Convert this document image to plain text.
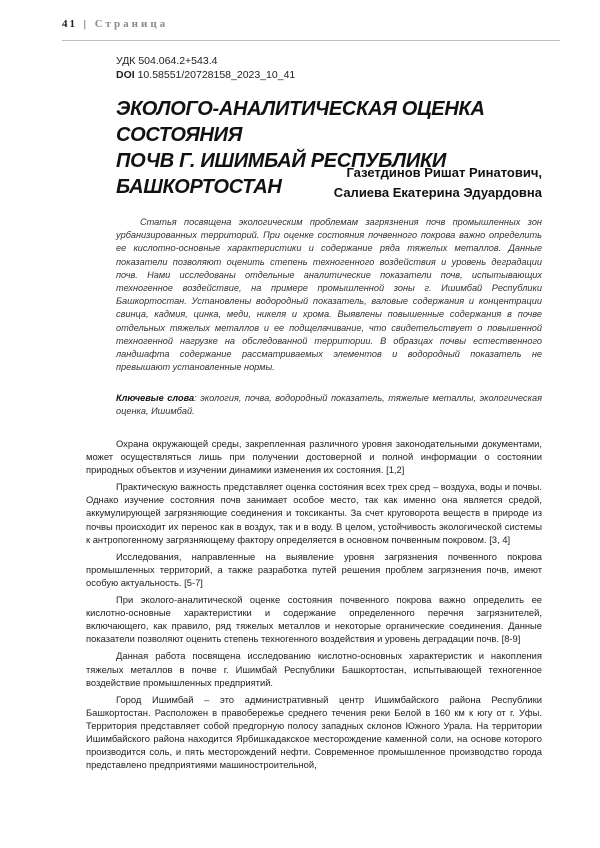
41 | Страница
УДК 504.064.2+543.4
DOI 10.58551/20728158_2023_10_41
ЭКОЛОГО-АНАЛИТИЧЕСКАЯ ОЦЕНКА СОСТОЯНИЯ
ПОЧВ Г. ИШИМБАЙ РЕСПУБЛИКИ БАШКОРТОСТАН
Газетдинов Ришат Ринатович,
Салиева Екатерина Эдуардовна
Статья посвящена экологическим проблемам загрязнения почв промышленных зон урбанизированных территорий. При оценке состояния почвенного покрова важно определить ее кислотно-основные характеристики и содержание ряда тяжелых металлов. Данные показатели позволяют оценить степень техногенного воздействия и уровень деградации почв. Нами исследованы отдельные аналитические показатели почв, испытывающих техногенное воздействие, на примере промышленной зоны г. Ишимбай Республики Башкортостан. Установлены водородный показатель, валовые содержания и концентрации свинца, кадмия, цинка, меди, никеля и хрома. Выявлены повышенные содержания в почве отдельных тяжелых металлов и ее подщелачивание, что свидетельствует о повышенной техногенной нагрузке на обследованной территории. В образцах почвы естественного ландшафта содержание рассматриваемых элементов и водородный показатель не превышают установленные нормы.
Ключевые слова: экология, почва, водородный показатель, тяжелые металлы, экологическая оценка, Ишимбай.

Охрана окружающей среды, закрепленная различного уровня законодательными документами, может осуществляться лишь при получении достоверной и полной информации о состоянии природных объектов и изучении динамики изменения их состояния. [1,2]

Практическую важность представляет оценка состояния всех трех сред – воздуха, воды и почвы. Однако изучение состояния почв занимает особое место, так как именно она является средой, аккумулирующей загрязняющие соединения и токсиканты. За счет круговорота веществ в природе из почвы происходит их перенос как в воздух, так и в воду. В целом, устойчивость экологической системы к антропогенному загрязняющему фактору определяется в основном почвенным покровом. [3, 4]

Исследования, направленные на выявление уровня загрязнения почвенного покрова промышленных территорий, а также разработка путей решения проблем загрязнения почв, имеют особую актуальность. [5-7]

При эколого-аналитической оценке состояния почвенного покрова важно определить ее кислотно-основные характеристики и содержание определенного перечня загрязнителей, включающего, как правило, ряд тяжелых металлов и некоторые органические соединения. Данные показатели позволяют оценить степень техногенного воздействия и уровень деградации почв. [8-9]

Данная работа посвящена исследованию кислотно-основных характеристик и накопления тяжелых металлов в почве г. Ишимбай Республики Башкортостан, испытывающей техногенное воздействие промышленных предприятий.

Город Ишимбай – это административный центр Ишимбайского района Республики Башкортостан. Расположен в правобережье среднего течения реки Белой в 160 км к югу от г. Уфы. Территория представляет собой предгорную полосу западных склонов Южного Урала. На территории Ишимбайского района находится Ярбишкадакское месторождение каменной соли, на основе которого производится соль, и пять месторождений нефти. Современное промышленное производство города представлено предприятиями машиностроительной,
